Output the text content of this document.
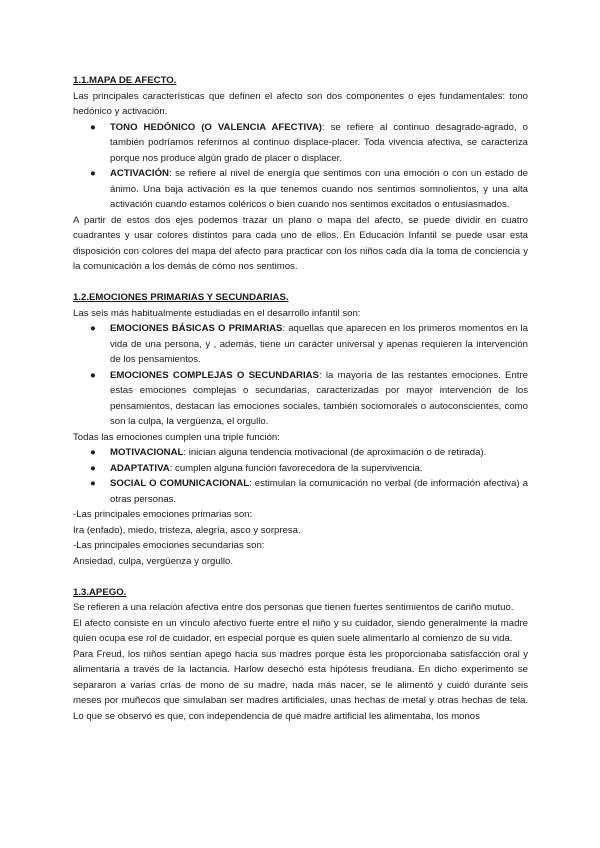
1.1.MAPA DE AFECTO.

Las principales características que definen el afecto son dos componentes o ejes fundamentales: tono hedónico y activación.

● TONO HEDÓNICO (O VALENCIA AFECTIVA): se refiere al continuo desagrado-agrado, o también podríamos referirnos al continuo displace-placer. Toda vivencia afectiva, se caracteriza porque nos produce algún grado de placer o displacer.
● ACTIVACIÓN: se refiere al nivel de energía que sentimos con una emoción o con un estado de ánimo. Una baja activación es la que tenemos cuando nos sentimos somnolientos, y una alta activación cuando estamos coléricos o bien cuando nos sentimos excitados o entusiasmados.

A partir de estos dos ejes podemos trazar un plano o mapa del afecto, se puede dividir en cuatro cuadrantes y usar colores distintos para cada uno de ellos. En Educación Infantil se puede usar esta disposición con colores del mapa del afecto para practicar con los niños cada día la toma de conciencia y la comunicación a los demás de cómo nos sentimos.

1.2.EMOCIONES PRIMARIAS Y SECUNDARIAS.

Las seis más habitualmente estudiadas en el desarrollo infantil son:

● EMOCIONES BÁSICAS O PRIMARIAS: aquellas que aparecen en los primeros momentos en la vida de una persona, y , además, tiene un carácter universal y apenas requieren la intervención de los pensamientos.
● EMOCIONES COMPLEJAS O SECUNDARIAS: la mayoría de las restantes emociones. Entre estas emociones complejas o secundarias, caracterizadas por mayor intervención de los pensamientos, destacan las emociones sociales, también sociomorales o autoconscientes, como son la culpa, la vergüenza, el orgullo.

Todas las emociones cumplen una triple función:

● MOTIVACIONAL: inician alguna tendencia motivacional (de aproximación o de retirada).
● ADAPTATIVA: cumplen alguna función favorecedora de la supervivencia.
● SOCIAL O COMUNICACIONAL: estimulan la comunicación no verbal (de información afectiva) a otras personas.

-Las principales emociones primarias son:

Ira (enfado), miedo, tristeza, alegría, asco y sorpresa.

-Las principales emociones secundarias son:

Ansiedad, culpa, vergüenza y orgullo.

1.3.APEGO.

Se refieren a una relación afectiva entre dos personas que tienen fuertes sentimientos de cariño mutuo.

El afecto consiste en un vínculo afectivo fuerte entre el niño y su cuidador, siendo generalmente la madre quien ocupa ese rol de cuidador, en especial porque es quien suele alimentarlo al comienzo de su vida.

Para Freud, los niños sentían apego hacia sus madres porque ésta les proporcionaba satisfacción oral y alimentaria a través de la lactancia. Harlow desechó esta hipótesis freudiana. En dicho experimento se separaron a varias crías de mono de su madre, nada más nacer, se le alimentó y cuidó durante seis meses por muñecos que simulaban ser madres artificiales, unas hechas de metal y otras hechas de tela. Lo que se observó es que, con independencia de qué madre artificial les alimentaba, los monos
